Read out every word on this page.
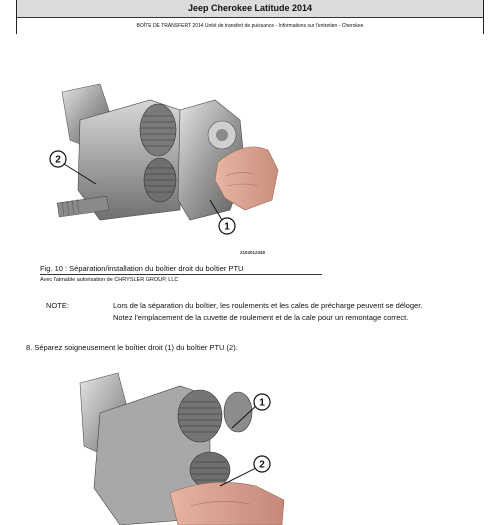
Jeep Cherokee Latitude 2014
BOÎTE DE TRANSFERT 2014 Unité de transfert de puissance - Informations sur l'entretien - Cherokee
2
1
2103012349
Fig. 10 : Séparation/installation du boîtier droit du boîtier PTU
Avec l'aimable autorisation de CHRYSLER GROUP, LLC
NOTE:	Lors de la séparation du boîtier, les roulements et les cales de précharge peuvent se déloger.
Notez l'emplacement de la cuvette de roulement et de la cale pour un remontage correct.
8. Séparez soigneusement le boîtier droit (1) du boîtier PTU (2).
1
2
